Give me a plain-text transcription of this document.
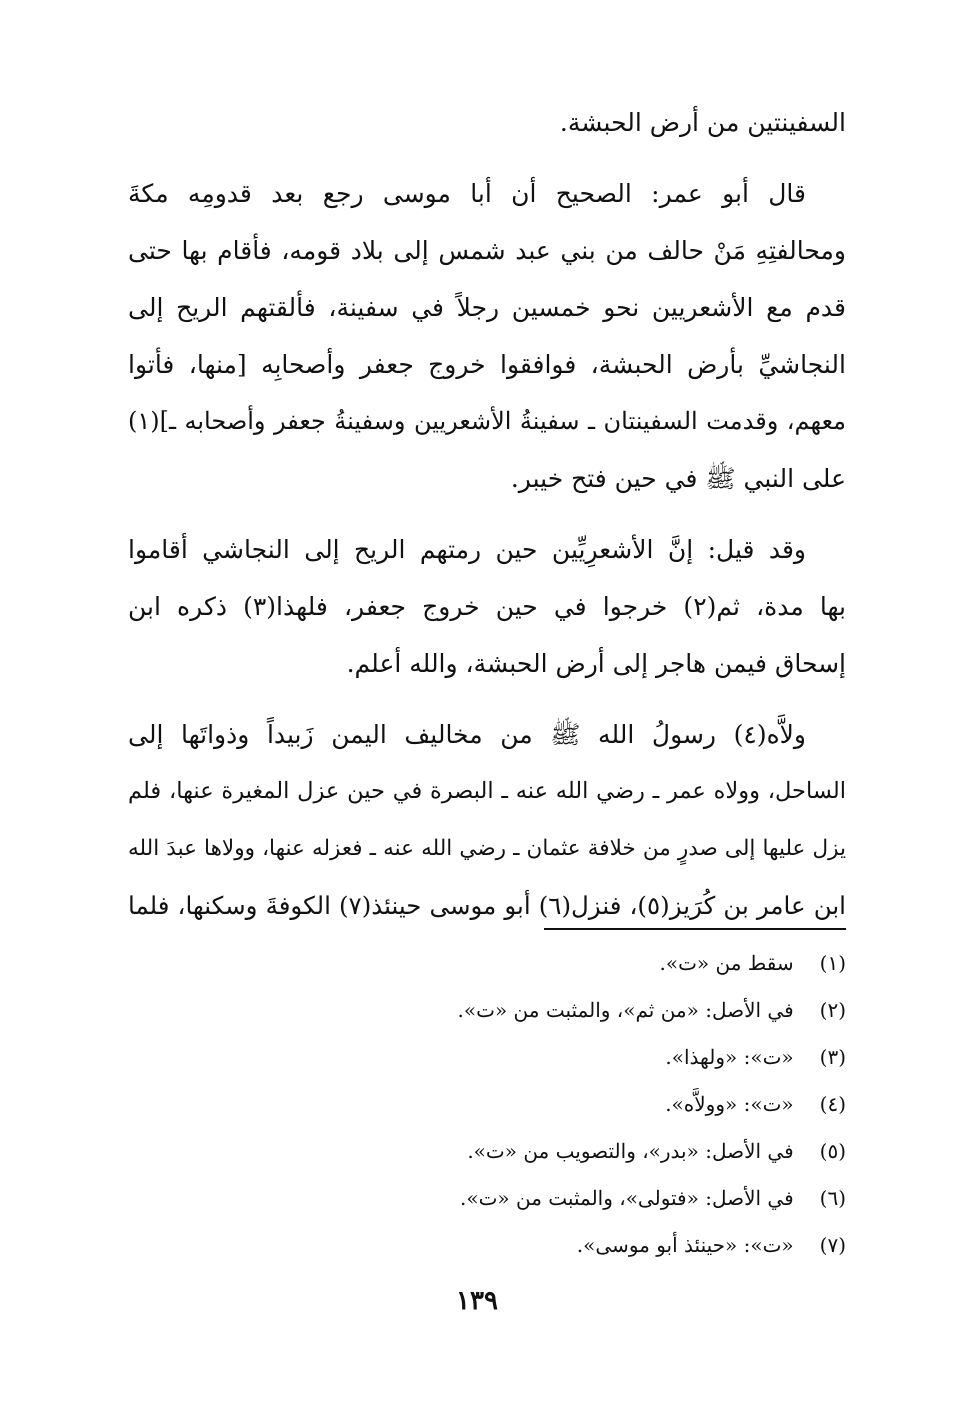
السفينتين من أرض الحبشة.
قال أبو عمر: الصحيح أن أبا موسى رجع بعد قدومِه مكةَ
ومحالفتِهِ مَنْ حالف من بني عبد شمس إلى بلاد قومه، فأقام بها حتى
قدم مع الأشعريين نحو خمسين رجلاً في سفينة، فألقتهم الريح إلى
النجاشيِّ بأرض الحبشة، فوافقوا خروج جعفر وأصحابِه [منها، فأتوا
معهم، وقدمت السفينتان ـ سفينةُ الأشعريين وسفينةُ جعفر وأصحابه ـ](١)
على النبي ﷺ في حين فتح خيبر.
وقد قيل: إنَّ الأشعرِيِّين حين رمتهم الريح إلى النجاشي أقاموا
بها مدة، ثم(٢) خرجوا في حين خروج جعفر، فلهذا(٣) ذكره ابن
إسحاق فيمن هاجر إلى أرض الحبشة، والله أعلم.
ولاَّه(٤) رسولُ الله ﷺ من مخاليف اليمن زَبيداً وذواتَها إلى
الساحل، وولاه عمر ـ رضي الله عنه ـ البصرة في حين عزل المغيرة عنها، فلم
يزل عليها إلى صدرٍ من خلافة عثمان ـ رضي الله عنه ـ فعزله عنها، وولاها عبدَ الله
ابن عامر بن كُرَيز(٥)، فنزل(٦) أبو موسى حينئذ(٧) الكوفةَ وسكنها، فلما
(١) سقط من «ت».
(٢) في الأصل: «من ثم»، والمثبت من «ت».
(٣) «ت»: «ولهذا».
(٤) «ت»: «وولاَّه».
(٥) في الأصل: «بدر»، والتصويب من «ت».
(٦) في الأصل: «فتولى»، والمثبت من «ت».
(٧) «ت»: «حينئذ أبو موسى».
١٣٩
